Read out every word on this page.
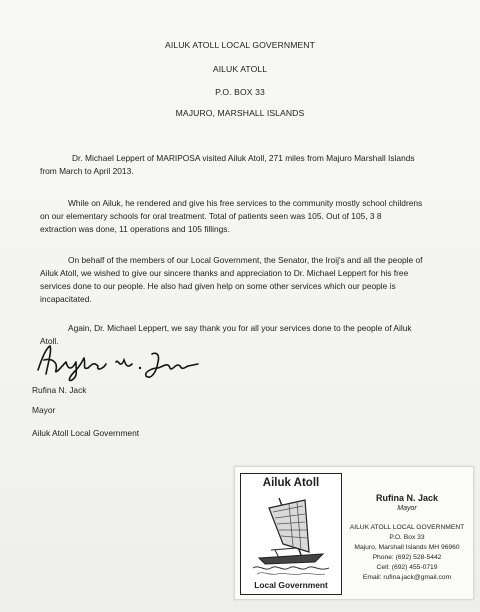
AILUK ATOLL LOCAL GOVERNMENT
AILUK ATOLL
P.O. BOX 33
MAJURO, MARSHALL ISLANDS
Dr. Michael Leppert of MARIPOSA visited Ailuk Atoll, 271 miles from Majuro Marshall Islands
from March to April 2013.
While on Ailuk, he rendered and give his free services to the community mostly school childrens
on our elementary schools for oral treatment. Total of patients seen was 105. Out of 105, 3 8
extraction was done, 11 operations and 105 fillings.
On behalf of the members of our Local Government, the Senator, the Iroij's and all the people of
Ailuk Atoll, we wished to give our sincere thanks and appreciation to Dr. Michael Leppert for his free
services done to our people. He also had given help on some other services which our people is
incapacitated.
Again, Dr. Michael Leppert, we say thank you for all your services done to the people of Ailuk
Atoll.
Rufina N. Jack
Mayor
Ailuk Atoll Local Government
Ailuk Atoll
Local Government
Rufina N. Jack
Mayor
AILUK ATOLL LOCAL GOVERNMENT
P.O. Box 33
Majuro, Marshall Islands MH 96960
Phone: (692) 528-5442
Cell: (692) 455-0719
Email: rufina.jack@gmail.com
